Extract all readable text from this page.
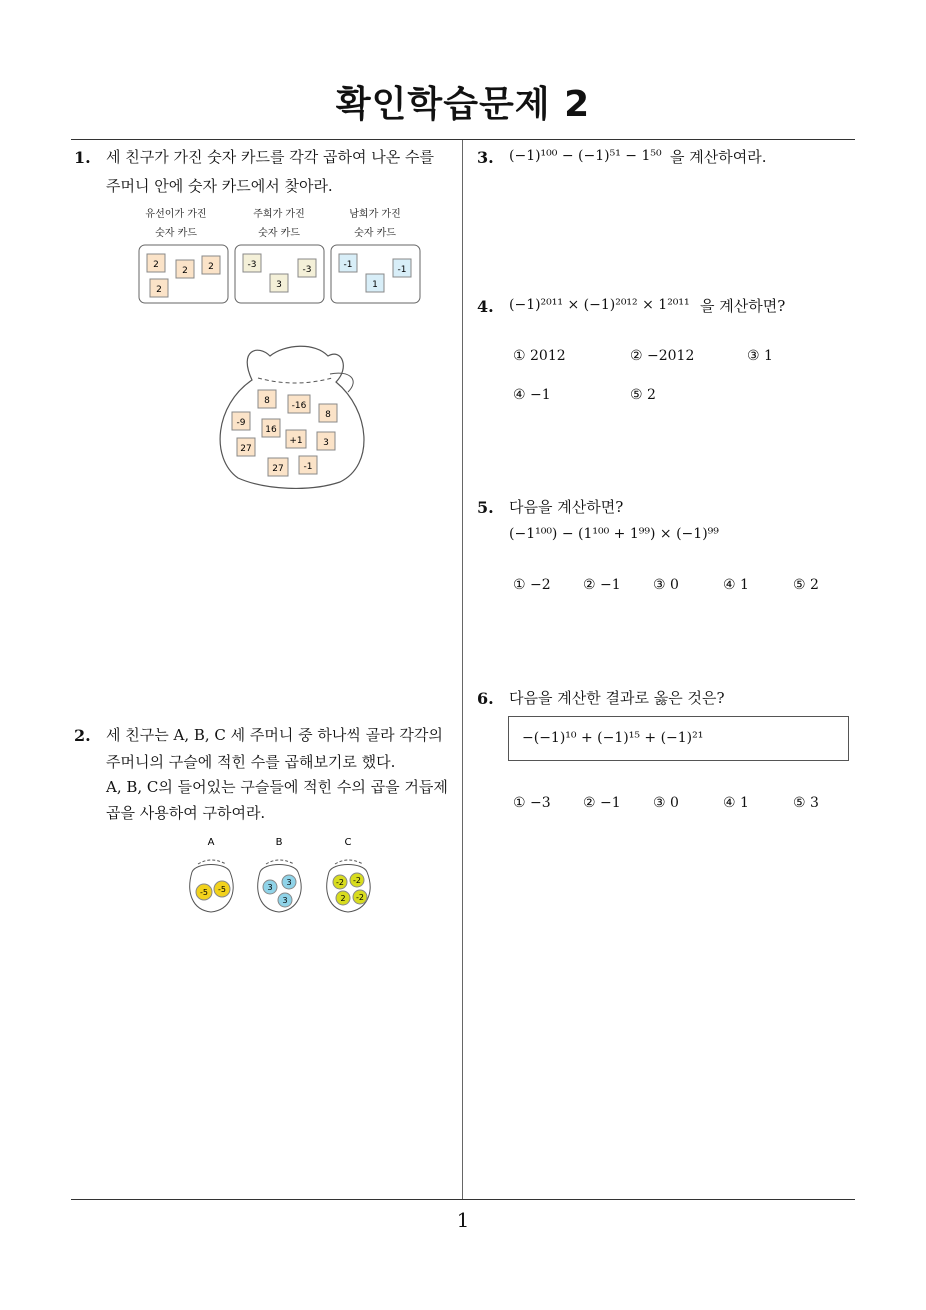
확인학습문제 2
1
1. 세 친구가 가진 숫자 카드를 각각 곱하여 나온 수를
주머니 안에 숫자 카드에서 찾아라.
유선이가 가진
숫자 카드
주희가 가진
숫자 카드
남희가 가진
숫자 카드
2
2 2
2
-3	-3
3
-1	-1
1
8 -16
8
-9
16
+1 3
27
27 -1
2. 세 친구는 A, B, C 세 주머니 중 하나씩 골라 각각의
주머니의 구슬에 적힌 수를 곱해보기로 했다.
A, B, C의 들어있는 구슬들에 적힌 수의 곱을 거듭제
곱을 사용하여 구하여라.
A	B	C
-5 -5	3
3
3
-2 -2
2 -2
3. (−1)¹⁰⁰ − (−1)⁵¹ − 1⁵⁰ 을 계산하여라.
4. (−1)²⁰¹¹ × (−1)²⁰¹² × 1²⁰¹¹ 을 계산하면?
① 2012	② −2012	③ 1
④ −1	⑤ 2
5. 다음을 계산하면?
(−1¹⁰⁰) − (1¹⁰⁰ + 1⁹⁹) × (−1)⁹⁹
① −2 ② −1 ③ 0	④ 1	⑤ 2
6. 다음을 계산한 결과로 옳은 것은?
−(−1)¹⁰ + (−1)¹⁵ + (−1)²¹
① −3 ② −1 ③ 0	④ 1	⑤ 3
